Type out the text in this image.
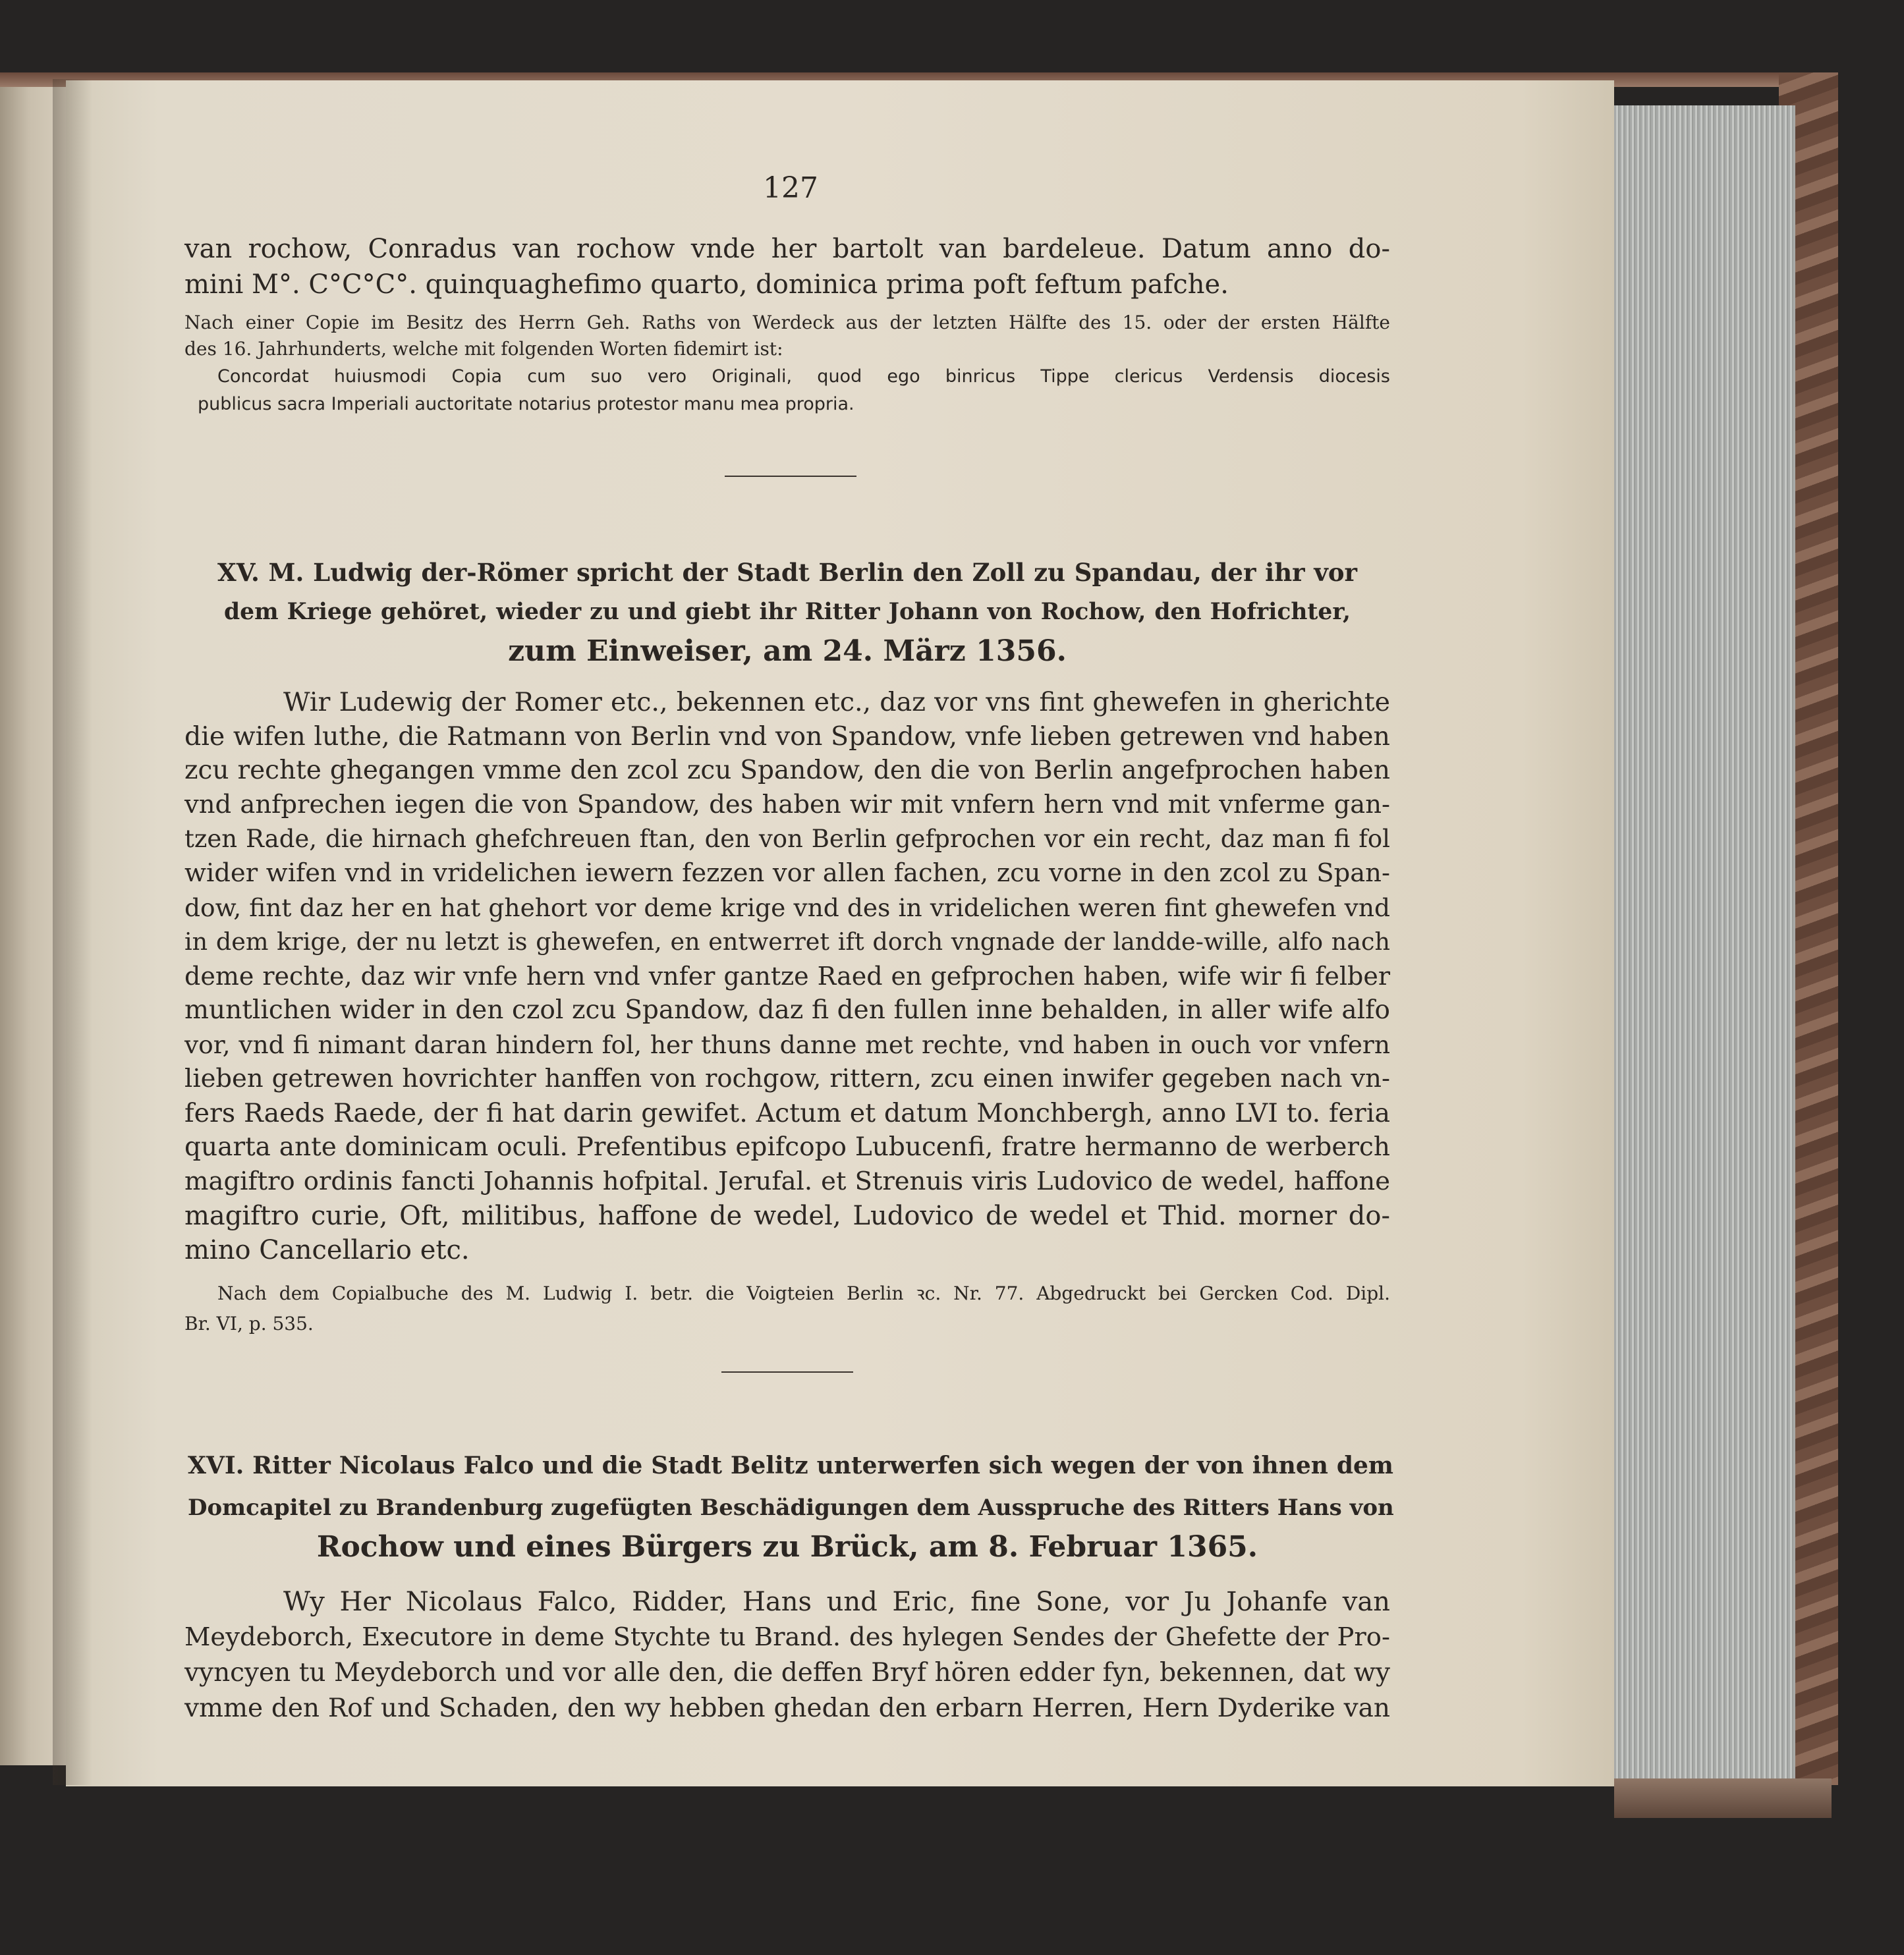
127
van rochow, Conradus van rochow vnde her bartolt van bardeleue. Datum anno do-
mini M°. C°C°C°. quinquaghefimo quarto, dominica prima poft feftum pafche.
Nach einer Copie im Besitz des Herrn Geh. Raths von Werdeck aus der letzten Hälfte des 15. oder der ersten Hälfte
des 16. Jahrhunderts, welche mit folgenden Worten fidemirt ist:
Concordat huiusmodi Copia cum suo vero Originali, quod ego binricus Tippe clericus Verdensis diocesis
publicus sacra Imperiali auctoritate notarius protestor manu mea propria.
XV. M. Ludwig der-Römer spricht der Stadt Berlin den Zoll zu Spandau, der ihr vor
dem Kriege gehöret, wieder zu und giebt ihr Ritter Johann von Rochow, den Hofrichter,
zum Einweiser, am 24. März 1356.
Wir Ludewig der Romer etc., bekennen etc., daz vor vns fint ghewefen in gherichte
die wifen luthe, die Ratmann von Berlin vnd von Spandow, vnfe lieben getrewen vnd haben
zcu rechte ghegangen vmme den zcol zcu Spandow, den die von Berlin angefprochen haben
vnd anfprechen iegen die von Spandow, des haben wir mit vnfern hern vnd mit vnferme gan-
tzen Rade, die hirnach ghefchreuen ftan, den von Berlin gefprochen vor ein recht, daz man fi fol
wider wifen vnd in vridelichen iewern fezzen vor allen fachen, zcu vorne in den zcol zu Span-
dow, fint daz her en hat ghehort vor deme krige vnd des in vridelichen weren fint ghewefen vnd
in dem krige, der nu letzt is ghewefen, en entwerret ift dorch vngnade der landde-wille, alfo nach
deme rechte, daz wir vnfe hern vnd vnfer gantze Raed en gefprochen haben, wife wir fi felber
muntlichen wider in den czol zcu Spandow, daz fi den fullen inne behalden, in aller wife alfo
vor, vnd fi nimant daran hindern fol, her thuns danne met rechte, vnd haben in ouch vor vnfern
lieben getrewen hovrichter hanffen von rochgow, rittern, zcu einen inwifer gegeben nach vn-
fers Raeds Raede, der fi hat darin gewifet. Actum et datum Monchbergh, anno LVI to. feria
quarta ante dominicam oculi. Prefentibus epifcopo Lubucenfi, fratre hermanno de werberch
magiftro ordinis fancti Johannis hofpital. Jerufal. et Strenuis viris Ludovico de wedel, haffone
magiftro curie, Oft, militibus, haffone de wedel, Ludovico de wedel et Thid. morner do-
mino Cancellario etc.
Nach dem Copialbuche des M. Ludwig I. betr. die Voigteien Berlin ꝛc. Nr. 77. Abgedruckt bei Gercken Cod. Dipl.
Br. VI, p. 535.
XVI. Ritter Nicolaus Falco und die Stadt Belitz unterwerfen sich wegen der von ihnen dem
Domcapitel zu Brandenburg zugefügten Beschädigungen dem Ausspruche des Ritters Hans von
Rochow und eines Bürgers zu Brück, am 8. Februar 1365.
Wy Her Nicolaus Falco, Ridder, Hans und Eric, fine Sone, vor Ju Johanfe van
Meydeborch, Executore in deme Stychte tu Brand. des hylegen Sendes der Ghefette der Pro-
vyncyen tu Meydeborch und vor alle den, die deffen Bryf hören edder fyn, bekennen, dat wy
vmme den Rof und Schaden, den wy hebben ghedan den erbarn Herren, Hern Dyderike van
